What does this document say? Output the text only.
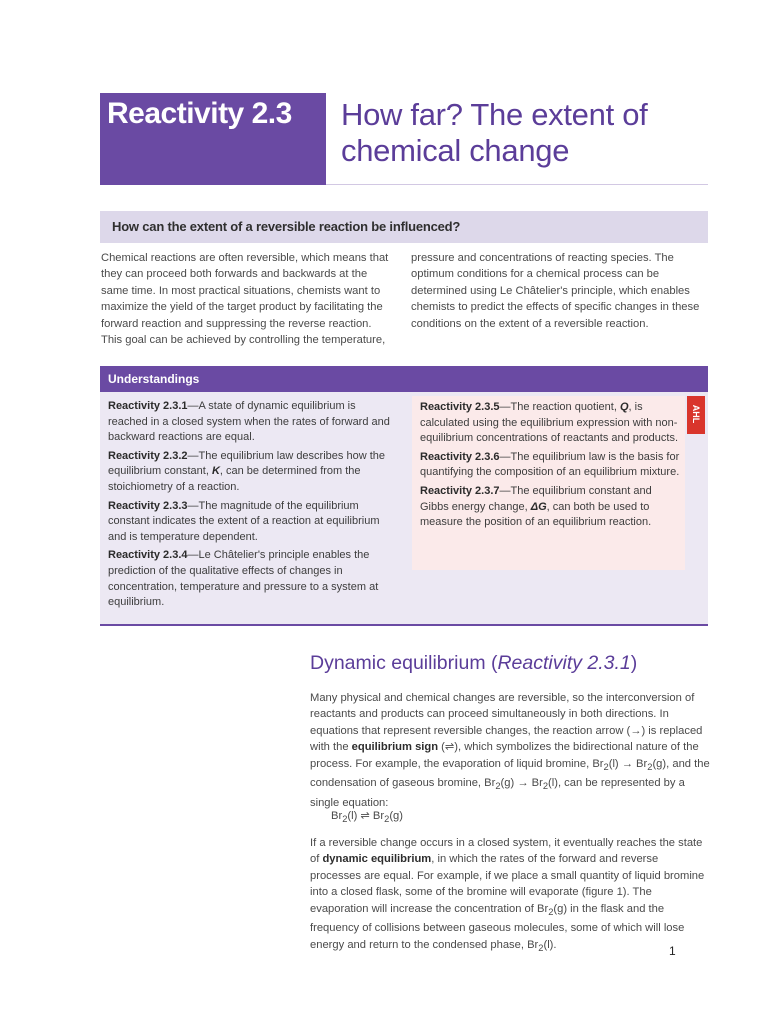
Reactivity 2.3 How far? The extent of chemical change
How can the extent of a reversible reaction be influenced?
Chemical reactions are often reversible, which means that they can proceed both forwards and backwards at the same time. In most practical situations, chemists want to maximize the yield of the target product by facilitating the forward reaction and suppressing the reverse reaction. This goal can be achieved by controlling the temperature,
pressure and concentrations of reacting species. The optimum conditions for a chemical process can be determined using Le Châtelier's principle, which enables chemists to predict the effects of specific changes in these conditions on the extent of a reversible reaction.
Understandings

Reactivity 2.3.1—A state of dynamic equilibrium is reached in a closed system when the rates of forward and backward reactions are equal.

Reactivity 2.3.2—The equilibrium law describes how the equilibrium constant, K, can be determined from the stoichiometry of a reaction.

Reactivity 2.3.3—The magnitude of the equilibrium constant indicates the extent of a reaction at equilibrium and is temperature dependent.

Reactivity 2.3.4—Le Châtelier's principle enables the prediction of the qualitative effects of changes in concentration, temperature and pressure to a system at equilibrium.

Reactivity 2.3.5—The reaction quotient, Q, is calculated using the equilibrium expression with non-equilibrium concentrations of reactants and products.

Reactivity 2.3.6—The equilibrium law is the basis for quantifying the composition of an equilibrium mixture.

Reactivity 2.3.7—The equilibrium constant and Gibbs energy change, ΔG, can both be used to measure the position of an equilibrium reaction.

AHL
Dynamic equilibrium (Reactivity 2.3.1)
Many physical and chemical changes are reversible, so the interconversion of reactants and products can proceed simultaneously in both directions. In equations that represent reversible changes, the reaction arrow (→) is replaced with the equilibrium sign (⇌), which symbolizes the bidirectional nature of the process. For example, the evaporation of liquid bromine, $Br_2(l) \to Br_2(g)$, and the condensation of gaseous bromine, $Br_2(g) \to Br_2(l)$, can be represented by a single equation:
$Br_2(l)$ ⇌ $Br_2(g)$
If a reversible change occurs in a closed system, it eventually reaches the state of dynamic equilibrium, in which the rates of the forward and reverse processes are equal. For example, if we place a small quantity of liquid bromine into a closed flask, some of the bromine will evaporate (figure 1). The evaporation will increase the concentration of $Br_2(g)$ in the flask and the frequency of collisions between gaseous molecules, some of which will lose energy and return to the condensed phase, $Br_2(l)$.	1
